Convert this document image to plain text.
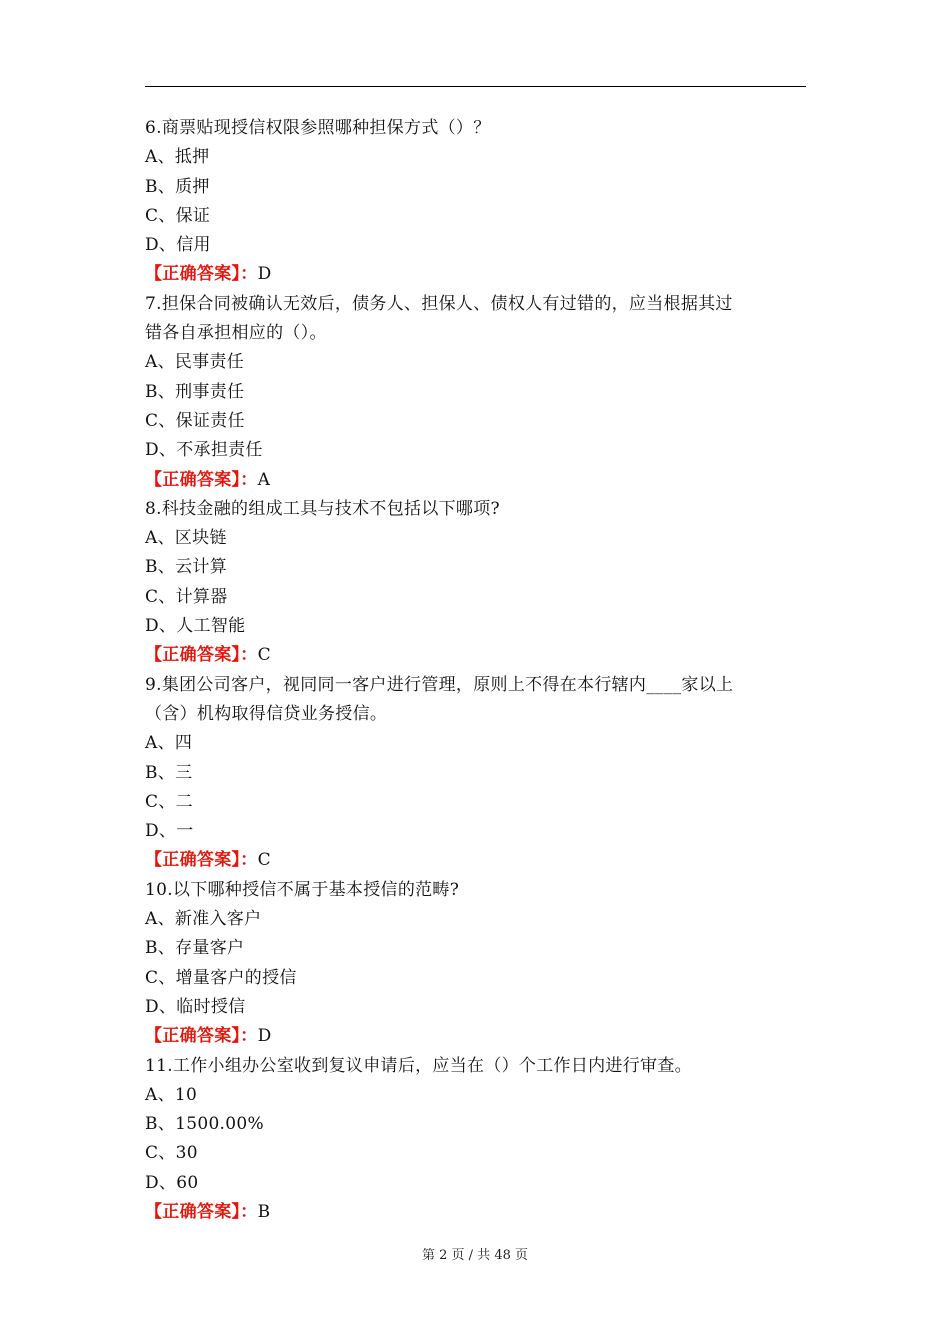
6.商票贴现授信权限参照哪种担保方式（）？
A、抵押
B、质押
C、保证
D、信用
【正确答案】：D
7.担保合同被确认无效后，债务人、担保人、债权人有过错的，应当根据其过
错各自承担相应的（）。
A、民事责任
B、刑事责任
C、保证责任
D、不承担责任
【正确答案】：A
8.科技金融的组成工具与技术不包括以下哪项?
A、区块链
B、云计算
C、计算器
D、人工智能
【正确答案】：C
9.集团公司客户，视同同一客户进行管理，原则上不得在本行辖内____家以上
（含）机构取得信贷业务授信。
A、四
B、三
C、二
D、一
【正确答案】：C
10.以下哪种授信不属于基本授信的范畴?
A、新准入客户
B、存量客户
C、增量客户的授信
D、临时授信
【正确答案】：D
11.工作小组办公室收到复议申请后，应当在（）个工作日内进行审查。
A、10
B、1500.00%
C、30
D、60
【正确答案】：B
第 2 页 / 共 48 页
